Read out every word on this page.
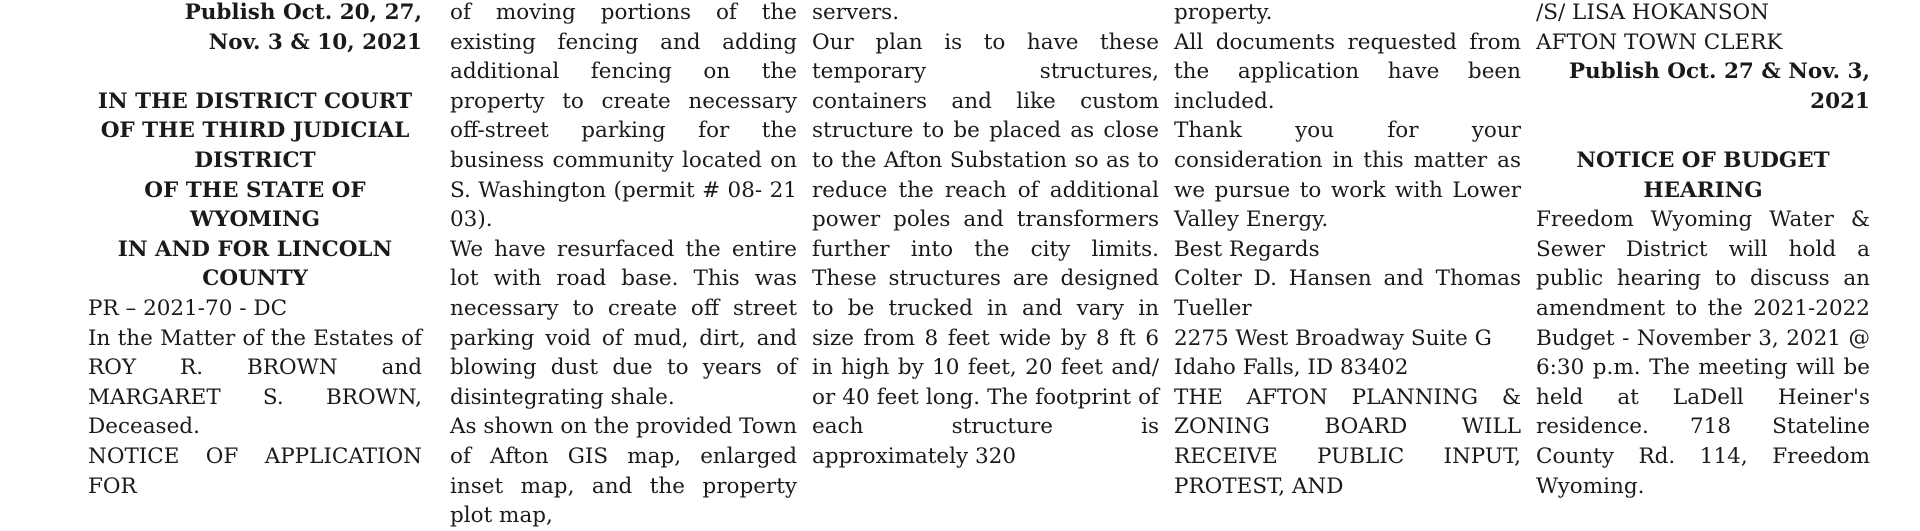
Publish Oct. 20, 27,

Nov. 3 & 10, 2021

IN THE DISTRICT COURT

OF THE THIRD JUDICIAL

DISTRICT

OF THE STATE OF WYOMING

IN AND FOR LINCOLN

COUNTY

PR – 2021-70 - DC

In the Matter of the Estates of ROY R. BROWN and MARGARET S. BROWN, Deceased.

NOTICE OF APPLICATION FOR

of moving portions of the existing fencing and adding additional fencing on the property to create necessary off-street parking for the business community located on S. Washington (permit # 08- 21 03).

We have resurfaced the entire lot with road base. This was necessary to create off street parking void of mud, dirt, and blowing dust due to years of disintegrating shale.

As shown on the provided Town of Afton GIS map, enlarged inset map, and the property plot map,

servers.

Our plan is to have these temporary structures, containers and like custom structure to be placed as close to the Afton Substation so as to reduce the reach of additional power poles and transformers further into the city limits. These structures are designed to be trucked in and vary in size from 8 feet wide by 8 ft 6 in high by 10 feet, 20 feet and/ or 40 feet long. The footprint of each structure is approximately 320

property.

All documents requested from the application have been included.

Thank you for your consideration in this matter as we pursue to work with Lower Valley Energy.

Best Regards

Colter D. Hansen and Thomas Tueller

2275 West Broadway Suite G

Idaho Falls, ID 83402

THE AFTON PLANNING & ZONING BOARD WILL RECEIVE PUBLIC INPUT, PROTEST, AND

/S/ LISA HOKANSON

AFTON TOWN CLERK

Publish Oct. 27 & Nov. 3, 2021

NOTICE OF BUDGET

HEARING

Freedom Wyoming Water & Sewer District will hold a public hearing to discuss an amendment to the 2021-2022 Budget - November 3, 2021 @ 6:30 p.m. The meeting will be held at LaDell Heiner's residence. 718 Stateline County Rd. 114, Freedom Wyoming.
